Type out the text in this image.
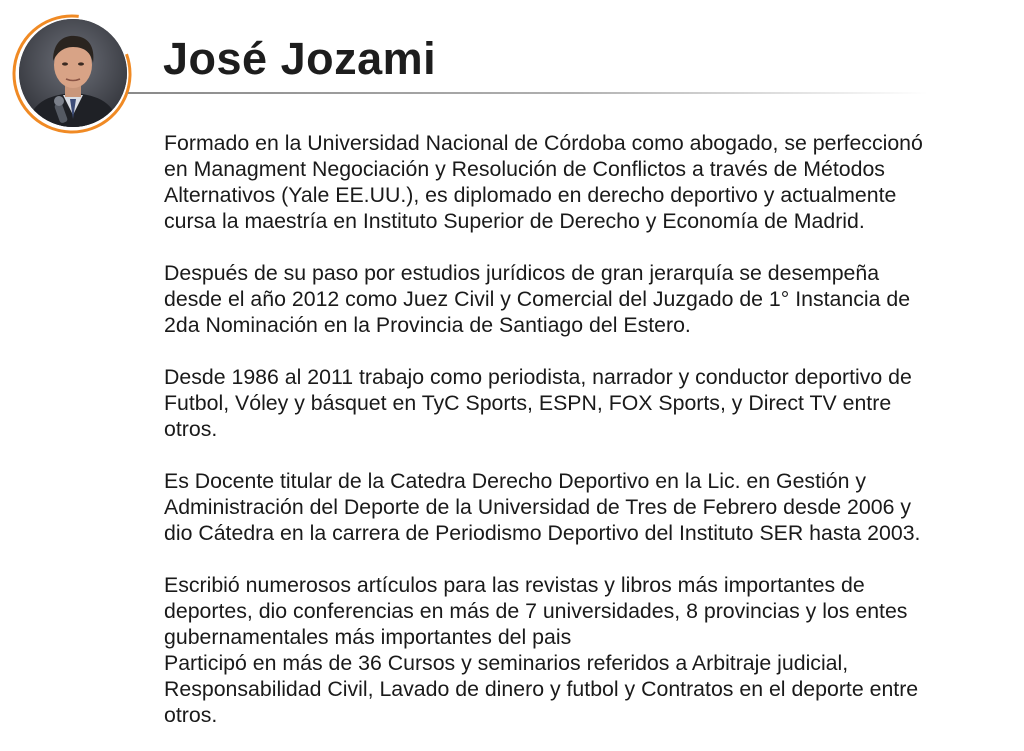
José Jozami

Formado en la Universidad Nacional de Córdoba como abogado, se perfeccionó
en Managment Negociación y Resolución de Conflictos a través de Métodos
Alternativos (Yale EE.UU.), es diplomado en derecho deportivo y actualmente
cursa la maestría en Instituto Superior de Derecho y Economía de Madrid.

Después de su paso por estudios jurídicos de gran jerarquía se desempeña
desde el año 2012 como Juez Civil y Comercial del Juzgado de 1° Instancia de
2da Nominación en la Provincia de Santiago del Estero.

Desde 1986 al 2011 trabajo como periodista, narrador y conductor deportivo de
Futbol, Vóley y básquet en TyC Sports, ESPN, FOX Sports, y Direct TV entre
otros.

Es Docente titular de la Catedra Derecho Deportivo en la Lic. en Gestión y
Administración del Deporte de la Universidad de Tres de Febrero desde 2006 y
dio Cátedra en la carrera de Periodismo Deportivo del Instituto SER hasta 2003.

Escribió numerosos artículos para las revistas y libros más importantes de
deportes, dio conferencias en más de 7 universidades, 8 provincias y los entes
gubernamentales más importantes del pais

Participó en más de 36 Cursos y seminarios referidos a Arbitraje judicial,
Responsabilidad Civil, Lavado de dinero y futbol y Contratos en el deporte entre
otros.
